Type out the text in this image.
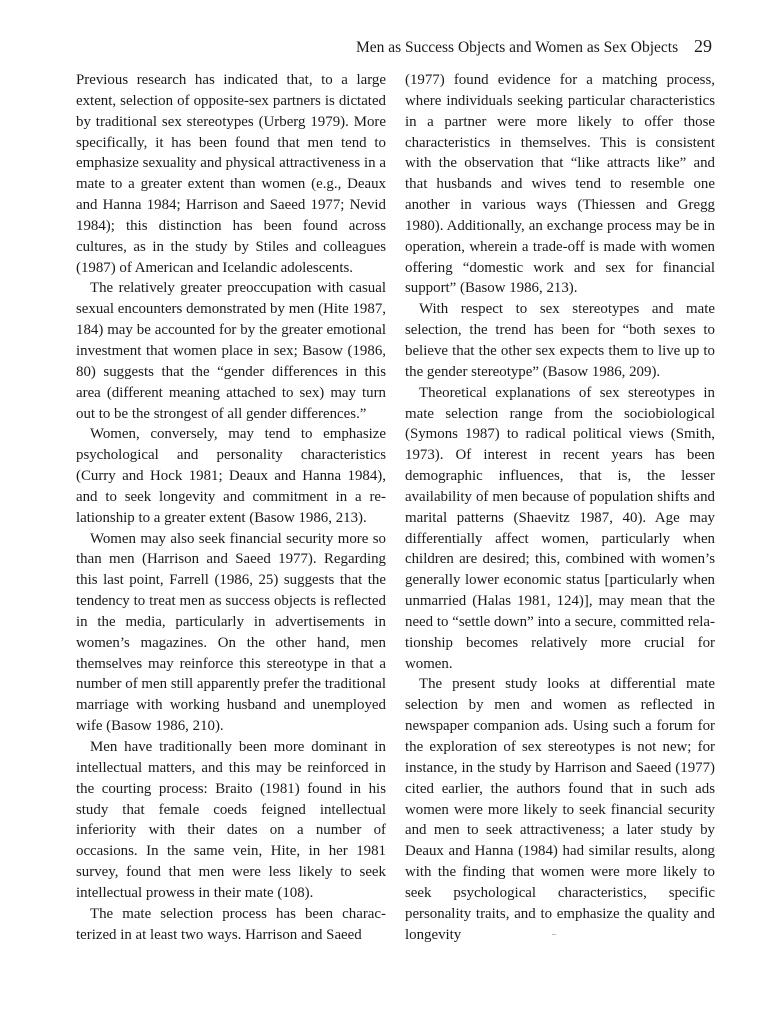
Men as Success Objects and Women as Sex Objects 29

Previous research has indicated that, to a large extent, selection of opposite-sex partners is dictated by traditional sex stereotypes (Urberg 1979). More specifically, it has been found that men tend to emphasize sexuality and physical attractiveness in a mate to a greater extent than women (e.g., Deaux and Hanna 1984; Harrison and Saeed 1977; Nevid 1984); this distinction has been found across cultures, as in the study by Stiles and colleagues (1987) of American and Icelandic adolescents.

The relatively greater preoccupation with casual sexual encounters demonstrated by men (Hite 1987, 184) may be accounted for by the greater emotional investment that women place in sex; Basow (1986, 80) suggests that the “gender differences in this area (different meaning attached to sex) may turn out to be the strongest of all gender differences.”

Women, conversely, may tend to emphasize psychological and personality characteristics (Curry and Hock 1981; Deaux and Hanna 1984), and to seek longevity and commitment in a relationship to a greater extent (Basow 1986, 213).

Women may also seek financial security more so than men (Harrison and Saeed 1977). Regarding this last point, Farrell (1986, 25) suggests that the tendency to treat men as success objects is reflected in the media, particularly in advertisements in women’s magazines. On the other hand, men themselves may reinforce this stereotype in that a number of men still apparently prefer the traditional marriage with working husband and unemployed wife (Basow 1986, 210).

Men have traditionally been more dominant in intellectual matters, and this may be reinforced in the courting process: Braito (1981) found in his study that female coeds feigned intellectual inferiority with their dates on a number of occasions. In the same vein, Hite, in her 1981 survey, found that men were less likely to seek intellectual prowess in their mate (108).

The mate selection process has been characterized in at least two ways. Harrison and Saeed

(1977) found evidence for a matching process, where individuals seeking particular characteristics in a partner were more likely to offer those characteristics in themselves. This is consistent with the observation that “like attracts like” and that husbands and wives tend to resemble one another in various ways (Thiessen and Gregg 1980). Additionally, an exchange process may be in operation, wherein a trade-off is made with women offering “domestic work and sex for financial support” (Basow 1986, 213).

With respect to sex stereotypes and mate selection, the trend has been for “both sexes to believe that the other sex expects them to live up to the gender stereotype” (Basow 1986, 209).

Theoretical explanations of sex stereotypes in mate selection range from the sociobiological (Symons 1987) to radical political views (Smith, 1973). Of interest in recent years has been demographic influences, that is, the lesser availability of men because of population shifts and marital patterns (Shaevitz 1987, 40). Age may differentially affect women, particularly when children are desired; this, combined with women’s generally lower economic status [particularly when unmarried (Halas 1981, 124)], may mean that the need to “settle down” into a secure, committed relationship becomes relatively more crucial for women.

The present study looks at differential mate selection by men and women as reflected in newspaper companion ads. Using such a forum for the exploration of sex stereotypes is not new; for instance, in the study by Harrison and Saeed (1977) cited earlier, the authors found that in such ads women were more likely to seek financial security and men to seek attractiveness; a later study by Deaux and Hanna (1984) had similar results, along with the finding that women were more likely to seek psychological characteristics, specific personality traits, and to emphasize the quality and longevity
